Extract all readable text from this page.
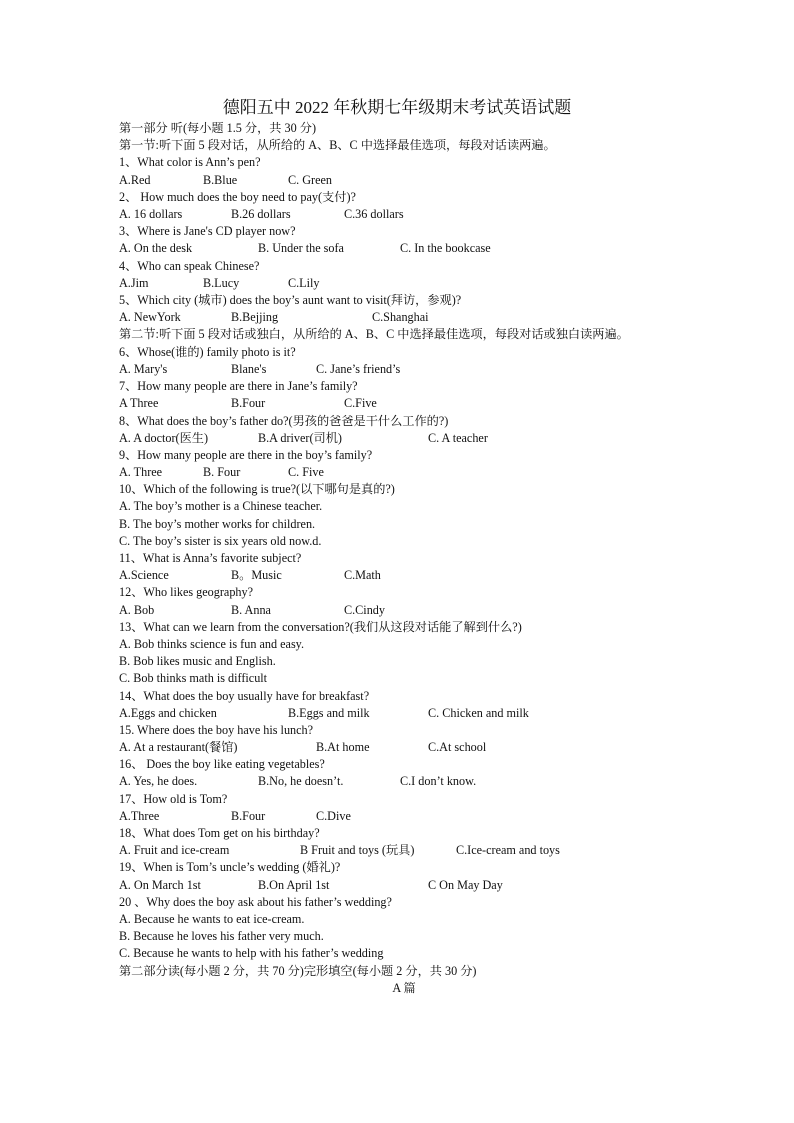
德阳五中 2022 年秋期七年级期末考试英语试题
第一部分 听(每小题 1.5 分，共 30 分)
第一节:听下面 5 段对话，从所给的 A、B、C 中选择最佳选项，每段对话读两遍。
1、What color is Ann’s pen?
A.Red	B.Blue	C. Green
2、 How much does the boy need to pay(支付)?
A. 16 dollars	B.26 dollars	C.36 dollars
3、Where is Jane's CD player now?
A. On the desk	B. Under the sofa	C. In the bookcase
4、Who can speak Chinese?
A.Jim	B.Lucy	C.Lily
5、Which city (城市) does the boy’s aunt want to visit(拜访，参观)?
A. NewYork	B.Bejjing	C.Shanghai
第二节:听下面 5 段对话或独白，从所给的 A、B、C 中选择最佳选项，每段对话或独白读两遍。
6、Whose(谁的) family photo is it?
A. Mary's	Blane's	C. Jane’s friend’s
7、How many people are there in Jane’s family?
A Three	B.Four	C.Five
8、What does the boy’s father do?(男孩的爸爸是干什么工作的?)
A. A doctor(医生)	B.A driver(司机)	C. A teacher
9、How many people are there in the boy’s family?
A. Three	B. Four	C. Five
10、Which of the following is true?(以下哪句是真的?)
A. The boy’s mother is a Chinese teacher.
B. The boy’s mother works for children.
C. The boy’s sister is six years old now.d.
11、What is Anna’s favorite subject?
A.Science	B。Music	C.Math
12、Who likes geography?
A. Bob	B. Anna	C.Cindy
13、What can we learn from the conversation?(我们从这段对话能了解到什么?)
A. Bob thinks science is fun and easy.
B. Bob likes music and English.
C. Bob thinks math is difficult
14、What does the boy usually have for breakfast?
A.Eggs and chicken	B.Eggs and milk	C. Chicken and milk
15. Where does the boy have his lunch?
A. At a restaurant(餐馆)	B.At home	C.At school
16、 Does the boy like eating vegetables?
A. Yes, he does.	B.No, he doesn’t.	C.I don’t know.
17、How old is Tom?
A.Three	B.Four	C.Dive
18、What does Tom get on his birthday?
A. Fruit and ice-cream	B Fruit and toys (玩具)	C.Ice-cream and toys
19、When is Tom’s uncle’s wedding (婚礼)?
A. On March 1st	B.On April 1st	C On May Day
20 、Why does the boy ask about his father’s wedding?
A. Because he wants to eat ice-cream.
B. Because he loves his father very much.
C. Because he wants to help with his father’s wedding
第二部分读(每小题 2 分，共 70 分)完形填空(每小题 2 分，共 30 分)
A 篇
